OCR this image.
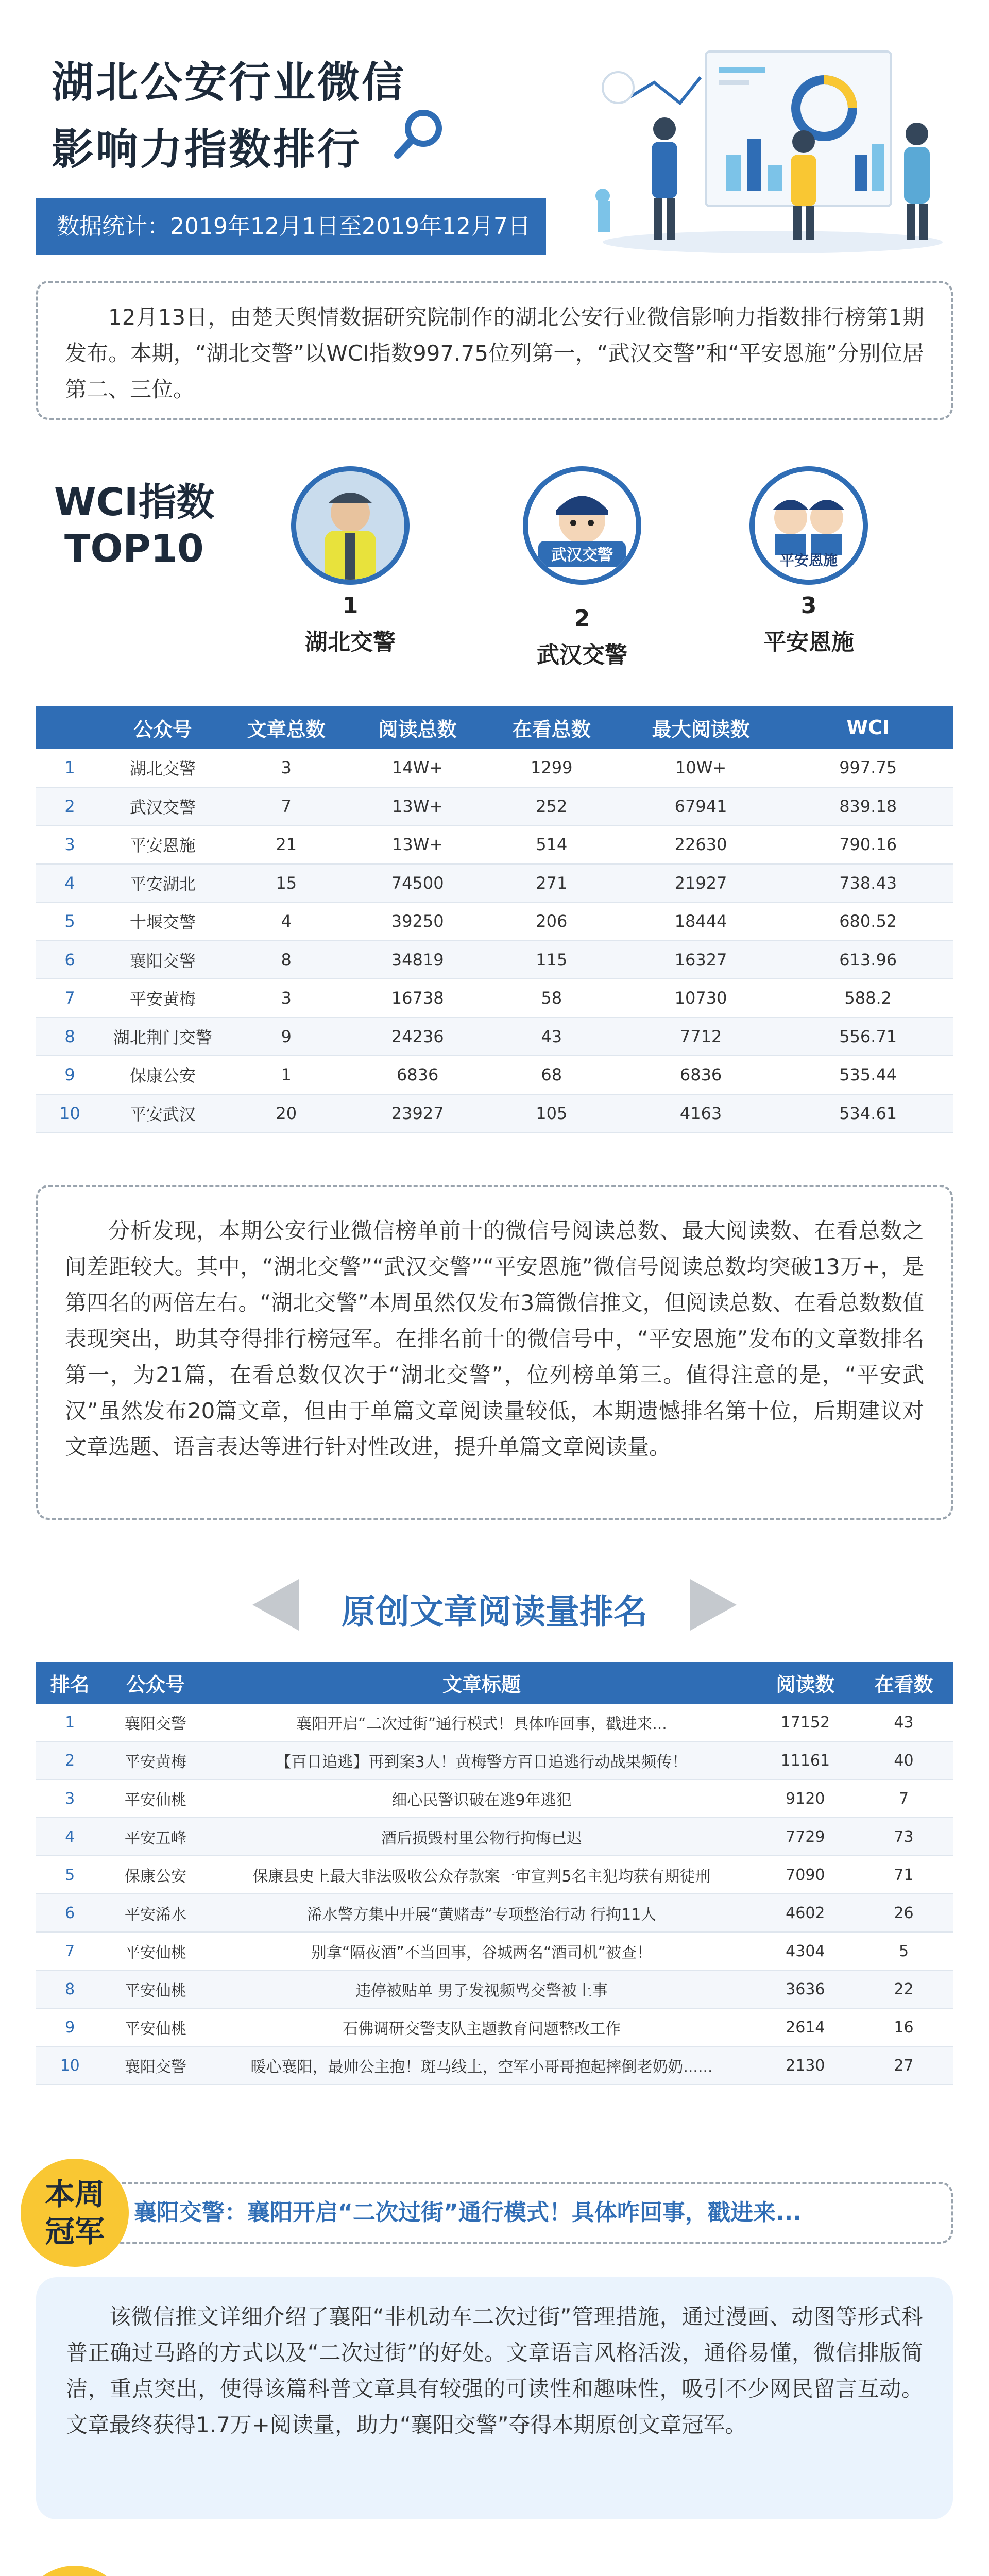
湖北公安行业微信
影响力指数排行
数据统计：2019年12月1日至2019年12月7日
12月13日，由楚天舆情数据研究院制作的湖北公安行业微信影响力指数排行榜第1期发布。本期，“湖北交警”以WCI指数997.75位列第一，“武汉交警”和“平安恩施”分别位居第二、三位。
WCI指数
TOP10
1
湖北交警
武汉交警
2
武汉交警
平安恩施
3
平安恩施
	公众号	文章总数	阅读总数	在看总数	最大阅读数	WCI
1	湖北交警	3	14W+	1299	10W+	997.75
2	武汉交警	7	13W+	252	67941	839.18
3	平安恩施	21	13W+	514	22630	790.16
4	平安湖北	15	74500	271	21927	738.43
5	十堰交警	4	39250	206	18444	680.52
6	襄阳交警	8	34819	115	16327	613.96
7	平安黄梅	3	16738	58	10730	588.2
8	湖北荆门交警	9	24236	43	7712	556.71
9	保康公安	1	6836	68	6836	535.44
10	平安武汉	20	23927	105	4163	534.61
分析发现，本期公安行业微信榜单前十的微信号阅读总数、最大阅读数、在看总数之间差距较大。其中，“湖北交警”“武汉交警”“平安恩施”微信号阅读总数均突破13万+，是第四名的两倍左右。“湖北交警”本周虽然仅发布3篇微信推文，但阅读总数、在看总数数值表现突出，助其夺得排行榜冠军。在排名前十的微信号中，“平安恩施”发布的文章数排名第一，为21篇，在看总数仅次于“湖北交警”，位列榜单第三。值得注意的是，“平安武汉”虽然发布20篇文章，但由于单篇文章阅读量较低，本期遗憾排名第十位，后期建议对文章选题、语言表达等进行针对性改进，提升单篇文章阅读量。
原创文章阅读量排名
排名	公众号	文章标题	阅读数	在看数
1	襄阳交警	襄阳开启“二次过街”通行模式！具体咋回事，戳进来...	17152	43
2	平安黄梅	【百日追逃】再到案3人！黄梅警方百日追逃行动战果频传！	11161	40
3	平安仙桃	细心民警识破在逃9年逃犯	9120	7
4	平安五峰	酒后损毁村里公物行拘悔已迟	7729	73
5	保康公安	保康县史上最大非法吸收公众存款案一审宣判5名主犯均获有期徒刑	7090	71
6	平安浠水	浠水警方集中开展“黄赌毒”专项整治行动 行拘11人	4602	26
7	平安仙桃	别拿“隔夜酒”不当回事，谷城两名“酒司机”被查！	4304	5
8	平安仙桃	违停被贴单 男子发视频骂交警被上事	3636	22
9	平安仙桃	石佛调研交警支队主题教育问题整改工作	2614	16
10	襄阳交警	暖心襄阳，最帅公主抱！斑马线上，空军小哥哥抱起摔倒老奶奶......	2130	27
襄阳交警：襄阳开启“二次过街”通行模式！具体咋回事，戳进来...
本周
冠军
该微信推文详细介绍了襄阳“非机动车二次过街”管理措施，通过漫画、动图等形式科普正确过马路的方式以及“二次过街”的好处。文章语言风格活泼，通俗易懂，微信排版简洁，重点突出，使得该篇科普文章具有较强的可读性和趣味性，吸引不少网民留言互动。文章最终获得1.7万+阅读量，助力“襄阳交警”夺得本期原创文章冠军。
